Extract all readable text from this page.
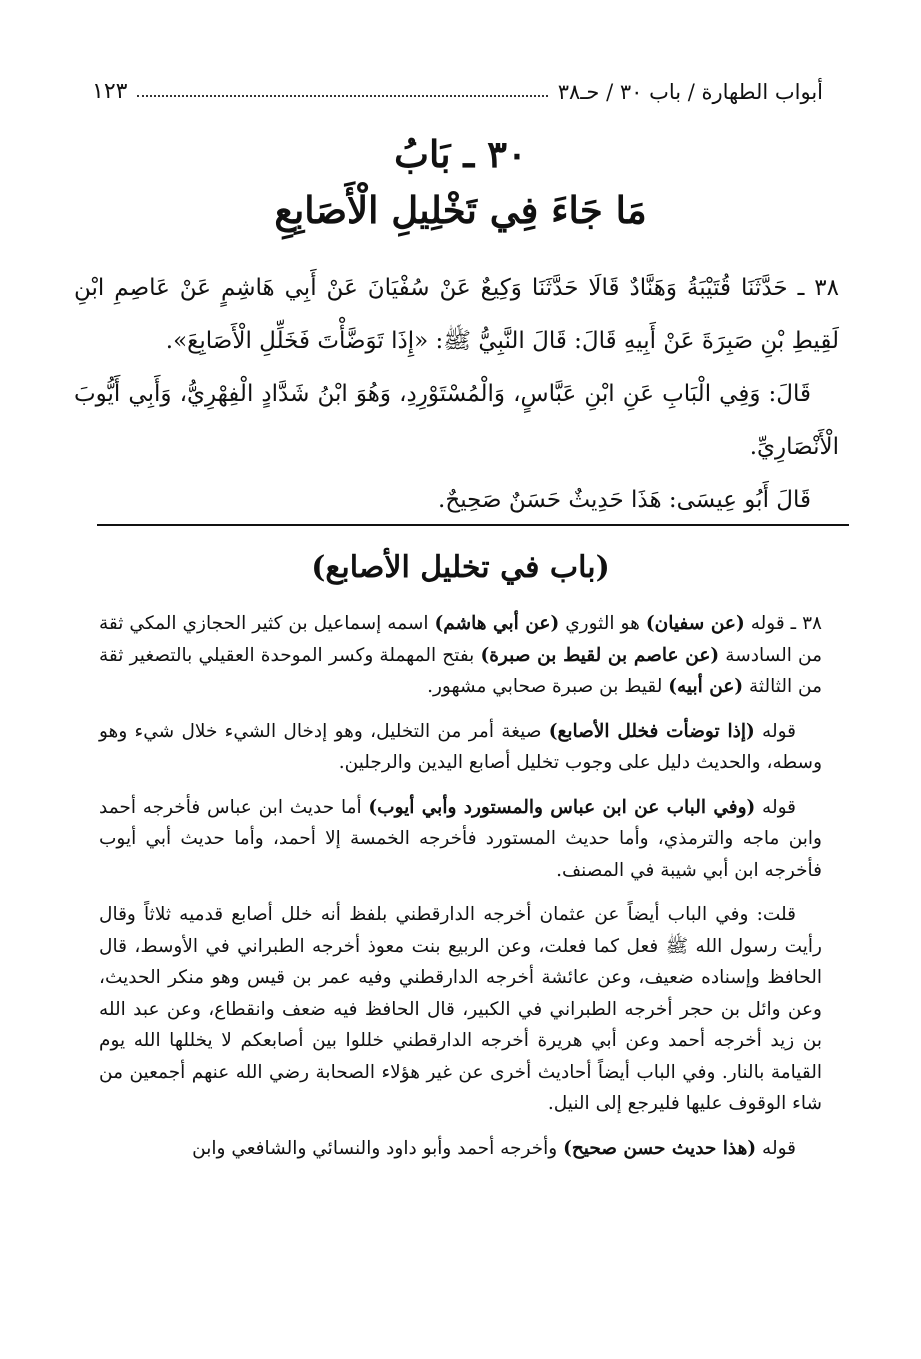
أبواب الطهارة / باب ٣٠ / حـ٣٨
١٢٣
٣٠ ـ بَابُ
مَا جَاءَ فِي تَخْلِيلِ الْأَصَابِعِ

٣٨ ـ حَدَّثَنَا قُتَيْبَةُ وَهَنَّادٌ قَالَا حَدَّثَنَا وَكِيعٌ عَنْ سُفْيَانَ عَنْ أَبِي هَاشِمٍ عَنْ عَاصِمِ ابْنِ لَقِيطِ بْنِ صَبِرَةَ عَنْ أَبِيهِ قَالَ: قَالَ النَّبِيُّ ﷺ: «إِذَا تَوَضَّأْتَ فَخَلِّلِ الْأَصَابِعَ».

قَالَ: وَفِي الْبَابِ عَنِ ابْنِ عَبَّاسٍ، وَالْمُسْتَوْرِدِ، وَهُوَ ابْنُ شَدَّادٍ الْفِهْرِيُّ، وَأَبِي أَيُّوبَ الْأَنْصَارِيِّ.

قَالَ أَبُو عِيسَى: هَذَا حَدِيثٌ حَسَنٌ صَحِيحٌ.

(باب في تخليل الأصابع)

٣٨ ـ قوله (عن سفيان) هو الثوري (عن أبي هاشم) اسمه إسماعيل بن كثير الحجازي المكي ثقة من السادسة (عن عاصم بن لقيط بن صبرة) بفتح المهملة وكسر الموحدة العقيلي بالتصغير ثقة من الثالثة (عن أبيه) لقيط بن صبرة صحابي مشهور.

قوله (إذا توضأت فخلل الأصابع) صيغة أمر من التخليل، وهو إدخال الشيء خلال شيء وهو وسطه، والحديث دليل على وجوب تخليل أصابع اليدين والرجلين.

قوله (وفي الباب عن ابن عباس والمستورد وأبي أيوب) أما حديث ابن عباس فأخرجه أحمد وابن ماجه والترمذي، وأما حديث المستورد فأخرجه الخمسة إلا أحمد، وأما حديث أبي أيوب فأخرجه ابن أبي شيبة في المصنف.

قلت: وفي الباب أيضاً عن عثمان أخرجه الدارقطني بلفظ أنه خلل أصابع قدميه ثلاثاً وقال رأيت رسول الله ﷺ فعل كما فعلت، وعن الربيع بنت معوذ أخرجه الطبراني في الأوسط، قال الحافظ وإسناده ضعيف، وعن عائشة أخرجه الدارقطني وفيه عمر بن قيس وهو منكر الحديث، وعن وائل بن حجر أخرجه الطبراني في الكبير، قال الحافظ فيه ضعف وانقطاع، وعن عبد الله بن زيد أخرجه أحمد وعن أبي هريرة أخرجه الدارقطني خللوا بين أصابعكم لا يخللها الله يوم القيامة بالنار. وفي الباب أيضاً أحاديث أخرى عن غير هؤلاء الصحابة رضي الله عنهم أجمعين من شاء الوقوف عليها فليرجع إلى النيل.

قوله (هذا حديث حسن صحيح) وأخرجه أحمد وأبو داود والنسائي والشافعي وابن
